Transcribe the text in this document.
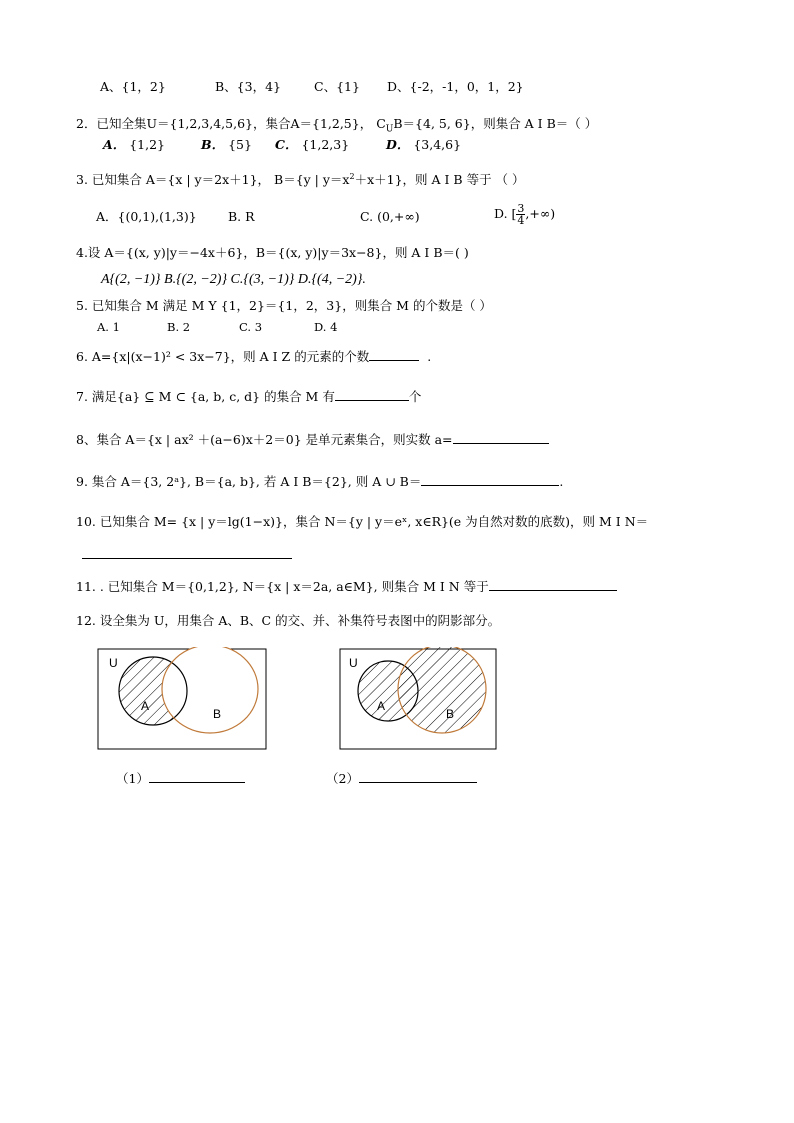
A、{1，2}	B、{3，4}	C、{1} D、{-2，-1，0，1，2}
2．已知全集U＝{1,2,3,4,5,6}，集合A＝{1,2,5}， $C_UB=\{4$, 5, 6}，则集合 A I B＝（ ）
A． {1,2}	B． {5} C． {1,2,3}	D． {3,4,6}
3. 已知集合 A＝{x | y＝2x＋1}， B＝{y | $y=x^2+x+1$}，则 A I B 等于 （ ）
A．{(0,1),(1,3)}	B. R	C. (0,+∞)	D. [ $\frac{3}{4}$ ,+∞)
4.设 A＝{(x, y)|y＝−4x＋6}，B＝{(x, y)|y＝3x−8}，则 A I B＝( )
A{(2, −1)} B.{(2, −2)} C.{(3, −1)} D.{(4, −2)}.
5. 已知集合 M 满足 M Y {1，2}＝{1，2，3}，则集合 M 的个数是（ ）
A. 1	B. 2	C. 3	D. 4
6. A={x|(x−1)² < 3x−7}，则 A I Z 的元素的个数	.
7. 满足{a} ⊆ M ⊂ {a, b, c, d} 的集合 M 有	个
8、集合 A＝{x | ax² ＋(a−6)x＋2＝0} 是单元素集合，则实数 a=
9. 集合 A＝{3, 2ᵃ}, B＝{a, b}, 若 A I B＝{2}, 则 A ∪ B＝	.
10. 已知集合 M= {x | y＝lg(1−x)}，集合 N＝{y | y＝eˣ, x∈R}(e 为自然对数的底数)，则 M I N＝
11. . 已知集合 M＝{0,1,2}, N＝{x | x＝2a, a∈M}, 则集合 M I N 等于
12. 设全集为 U，用集合 A、B、C 的交、并、补集符号表图中的阴影部分。
U
A
B
U
A
B
（1）	（2）
